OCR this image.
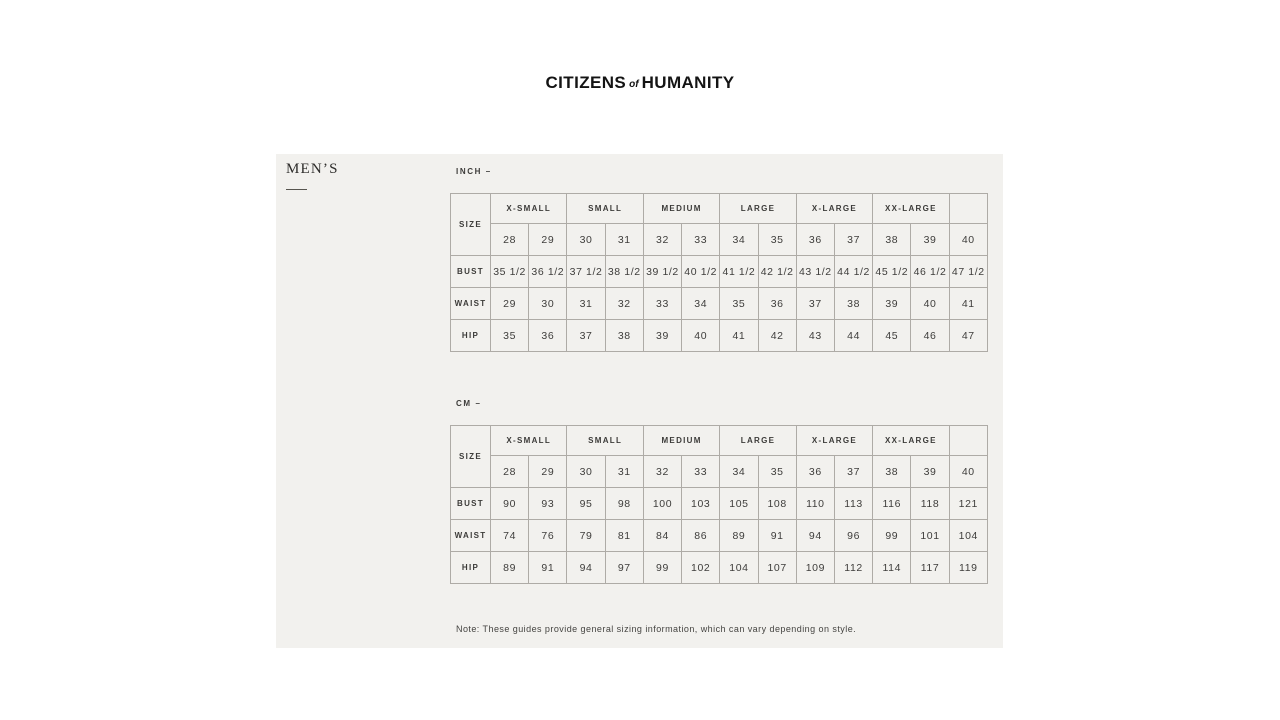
CITIZENS of HUMANITY
MEN’S	INCH –
SIZE	X-SMALL		SMALL		MEDIUM		LARGE		X-LARGE		XX-LARGE		
	28	29	30	31	32	33	34	35	36	37	38	39	40
BUST	35 1/2	36 1/2	37 1/2	38 1/2	39 1/2	40 1/2	41 1/2	42 1/2	43 1/2	44 1/2	45 1/2	46 1/2	47 1/2
WAIST	29	30	31	32	33	34	35	36	37	38	39	40	41
HIP	35	36	37	38	39	40	41	42	43	44	45	46	47
CM –
SIZE	X-SMALL		SMALL		MEDIUM		LARGE		X-LARGE		XX-LARGE		
	28	29	30	31	32	33	34	35	36	37	38	39	40
BUST	90	93	95	98	100	103	105	108	110	113	116	118	121
WAIST	74	76	79	81	84	86	89	91	94	96	99	101	104
HIP	89	91	94	97	99	102	104	107	109	112	114	117	119

Note: These guides provide general sizing information, which can vary depending on style.
